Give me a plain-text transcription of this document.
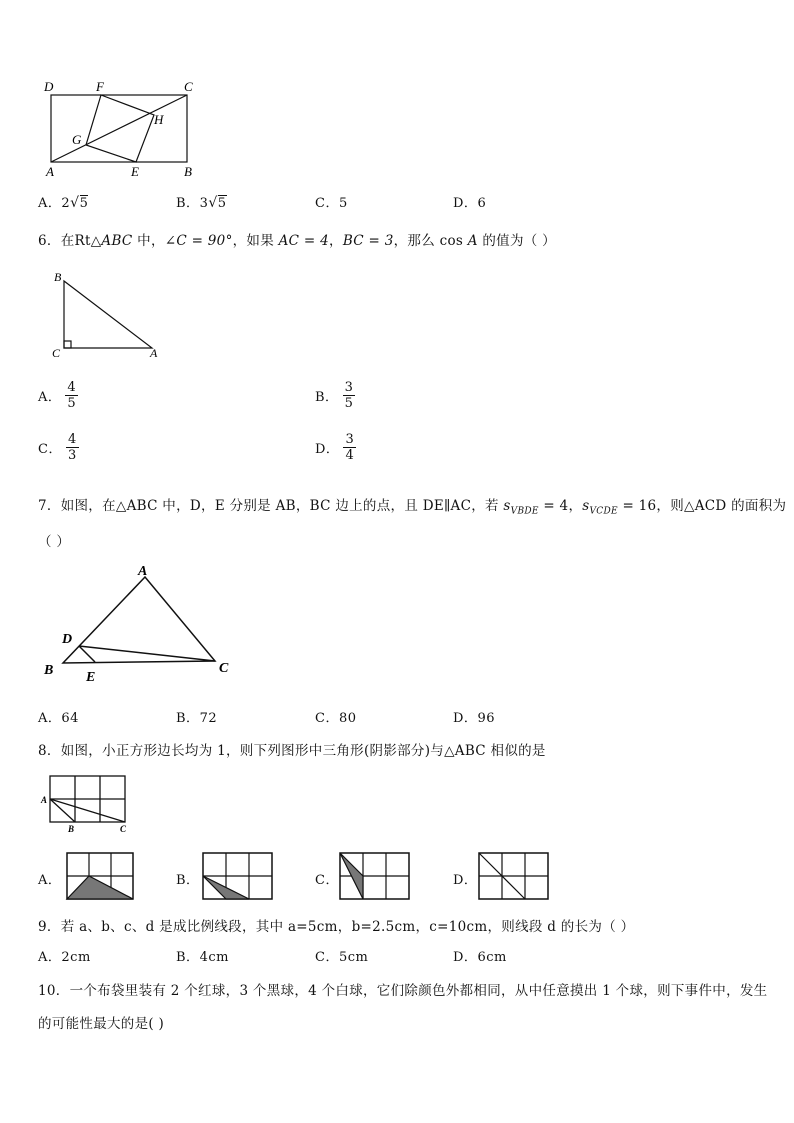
D	F	C
G
H
A	E	B
A．2√5	B．3√5	C．5	D．6
6．在Rt△ABC 中，∠C = 90°，如果 AC = 4，BC = 3，那么 cos A 的值为（ ）
B
C	A
A． $\frac{4}{5}$	B． $\frac{3}{5}$
C． $\frac{4}{3}$	D． $\frac{3}{4}$
7．如图，在△ABC 中，D，E 分别是 AB，BC 边上的点，且 DE∥AC，若 $s_{VBDE} = 4$，$s_{VCDE} = 16$，则△ACD 的面积为
（ ）
A
D
B E
C
A．64	B．72	C．80	D．96
8．如图，小正方形边长均为 1，则下列图形中三角形(阴影部分)与△ABC 相似的是
A
B	C
A．	B．	C．	D．
9．若 a、b、c、d 是成比例线段，其中 a=5cm，b=2.5cm，c=10cm，则线段 d 的长为（ ）
A．2cm	B．4cm	C．5cm	D．6cm
10．一个布袋里装有 2 个红球，3 个黑球，4 个白球，它们除颜色外都相同，从中任意摸出 1 个球，则下事件中，发生
的可能性最大的是( )
